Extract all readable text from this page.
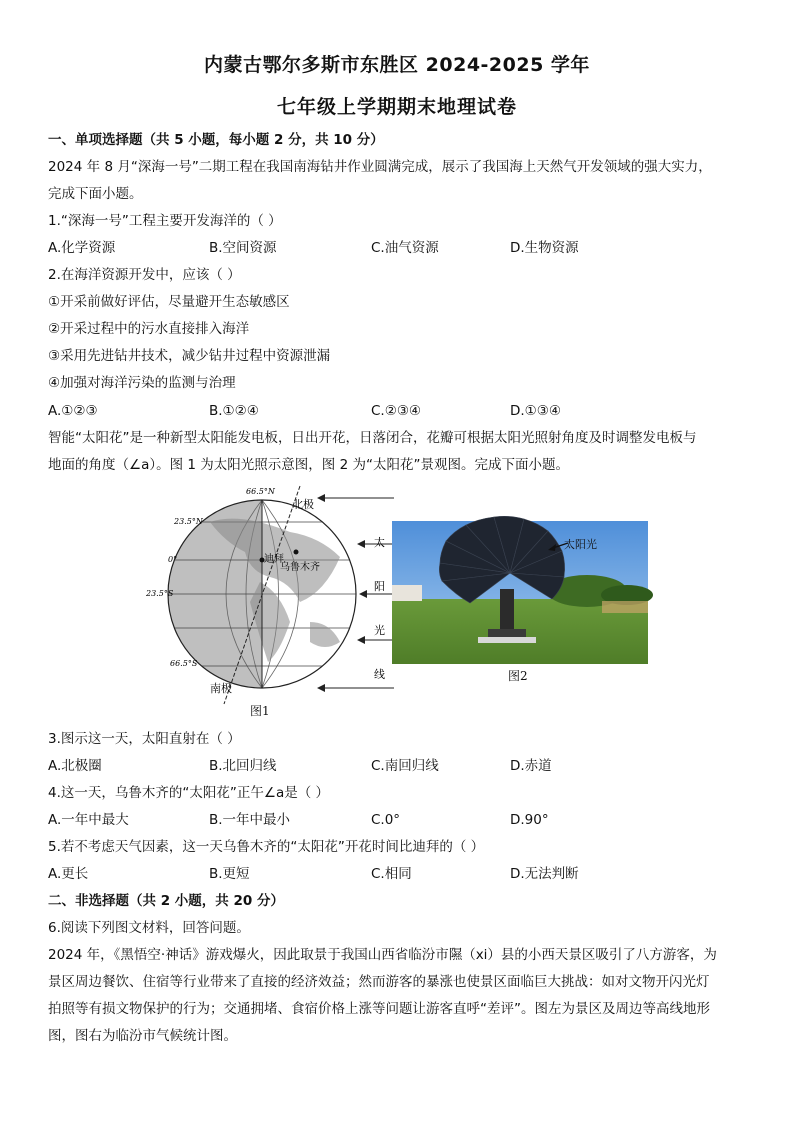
内蒙古鄂尔多斯市东胜区 2024-2025 学年
七年级上学期期末地理试卷
一、单项选择题（共 5 小题，每小题 2 分，共 10 分）
2024 年 8 月“深海一号”二期工程在我国南海钻井作业圆满完成，展示了我国海上天然气开发领域的强大实力，
完成下面小题。
1.“深海一号”工程主要开发海洋的（ ）
A.化学资源	B.空间资源	C.油气资源	D.生物资源
2.在海洋资源开发中，应该（ ）
①开采前做好评估，尽量避开生态敏感区
②开采过程中的污水直接排入海洋
③采用先进钻井技术，减少钻井过程中资源泄漏
④加强对海洋污染的监测与治理
A.①②③	B.①②④	C.②③④	D.①③④
智能“太阳花”是一种新型太阳能发电板，日出开花，日落闭合，花瓣可根据太阳光照射角度及时调整发电板与
地面的角度（∠a）。图 1 为太阳光照示意图，图 2 为“太阳花”景观图。完成下面小题。
北极
南极
66.5°N
23.5°N
0°
23.5°S
66.5°S
迪拜
乌鲁木齐
太
阳
光
线
图1
太阳光
图2
3.图示这一天，太阳直射在（ ）
A.北极圈	B.北回归线	C.南回归线	D.赤道
4.这一天，乌鲁木齐的“太阳花”正午∠a是（ ）
A.一年中最大	B.一年中最小	C.0°	D.90°
5.若不考虑天气因素，这一天乌鲁木齐的“太阳花”开花时间比迪拜的（ ）
A.更长	B.更短	C.相同	D.无法判断
二、非选择题（共 2 小题，共 20 分）
6.阅读下列图文材料，回答问题。
2024 年，《黑悟空·神话》游戏爆火，因此取景于我国山西省临汾市隰（xi）县的小西天景区吸引了八方游客，为
景区周边餐饮、住宿等行业带来了直接的经济效益；然而游客的暴涨也使景区面临巨大挑战：如对文物开闪光灯
拍照等有损文物保护的行为；交通拥堵、食宿价格上涨等问题让游客直呼“差评”。图左为景区及周边等高线地形
图，图右为临汾市气候统计图。
